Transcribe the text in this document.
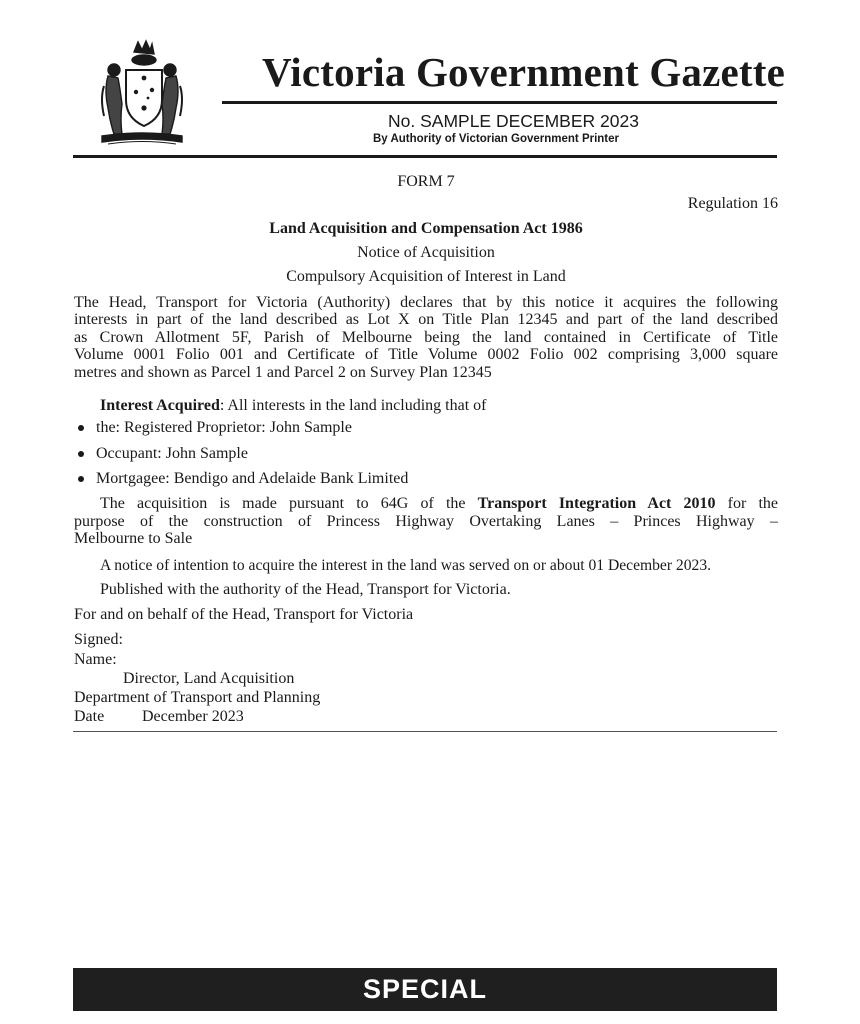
Victoria Government Gazette
No. SAMPLE DECEMBER 2023
By Authority of Victorian Government Printer
FORM 7
Regulation 16
Land Acquisition and Compensation Act 1986
Notice of Acquisition
Compulsory Acquisition of Interest in Land
The Head, Transport for Victoria (Authority) declares that by this notice it acquires the following
interests in part of the land described as Lot X on Title Plan 12345 and part of the land described
as Crown Allotment 5F, Parish of Melbourne being the land contained in Certificate of Title
Volume 0001 Folio 001 and Certificate of Title Volume 0002 Folio 002 comprising 3,000 square
metres and shown as Parcel 1 and Parcel 2 on Survey Plan 12345
Interest Acquired: All interests in the land including that of
the: Registered Proprietor: John Sample
Occupant: John Sample
Mortgagee: Bendigo and Adelaide Bank Limited
The acquisition is made pursuant to 64G of the Transport Integration Act 2010 for the
purpose of the construction of Princess Highway Overtaking Lanes – Princes Highway –
Melbourne to Sale
A notice of intention to acquire the interest in the land was served on or about 01 December 2023.
Published with the authority of the Head, Transport for Victoria.
For and on behalf of the Head, Transport for Victoria
Signed:
Name:
Director, Land Acquisition
Department of Transport and Planning
Date December 2023
SPECIAL
